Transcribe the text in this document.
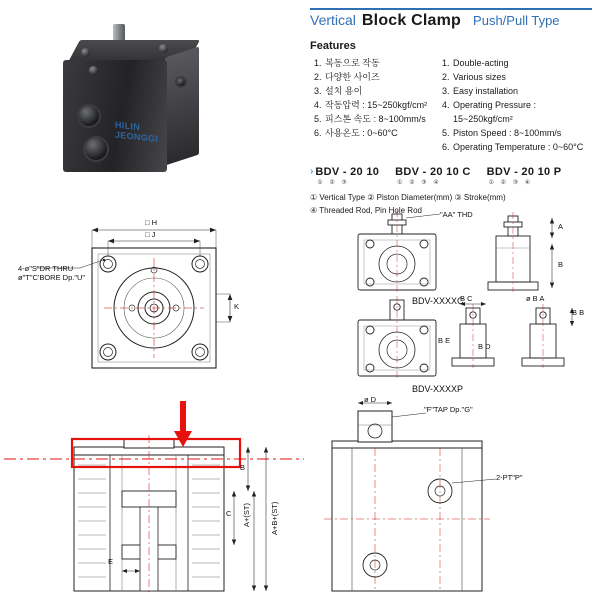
HILIN
JEONGGI
Vertical Block Clamp Push/Pull Type
Features
1. 복동으로 작동
2. 다양한 사이즈
3. 설치 용이
4. 작동압력 : 15~250kgf/cm²
5. 피스톤 속도 : 8~100mm/s
6. 사용온도 : 0~60°C
1. Double-acting
2. Various sizes
3. Easy installation
4. Operating Pressure : 15~250kgf/cm²
5. Piston Speed : 8~100mm/s
6. Operating Temperature : 0~60°C
› BDV - 20 10
① ② ③
BDV - 20 10 C
① ② ③ ④
BDV - 20 10 P
① ② ③ ④
① Vertical Type ② Piston Diameter(mm) ③ Stroke(mm)
④ Threaded Rod, Pin Hole Rod
4-ø"S"DR THRU
ø"T"C'BORE Dp."U"
□ H
□ J
K
"AA" THD
A
B
BDV-XXXXC
B C	ø B A
B B
B E
B D
BDV-XXXXP
B
C
E
A+(ST)	A+B+(ST)
ø D
"F"TAP Dp."G"
2-PT"P"
